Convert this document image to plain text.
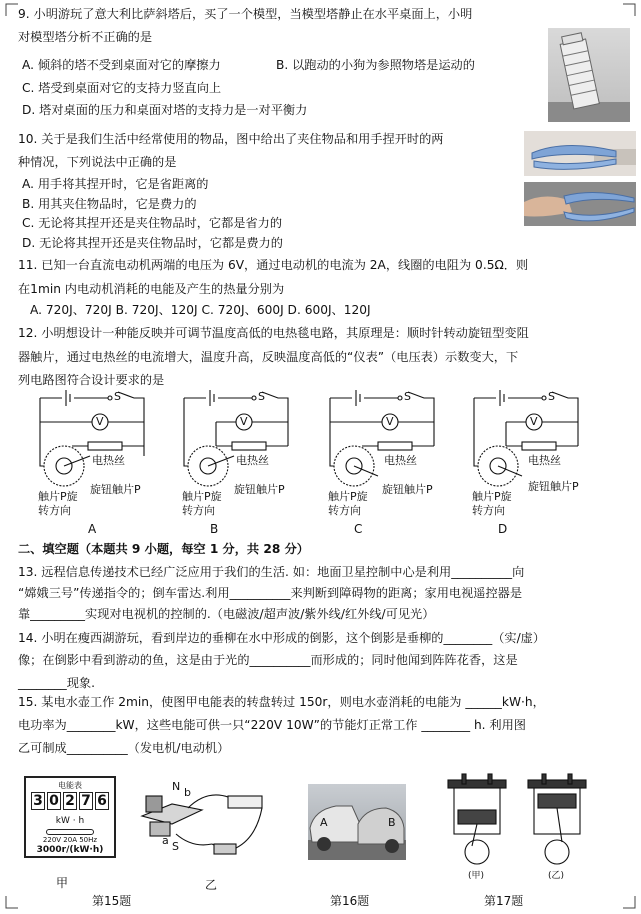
9. 小明游玩了意大利比萨斜塔后，买了一个模型，当模型塔静止在水平桌面上，小明
对模型塔分析不正确的是
A. 倾斜的塔不受到桌面对它的摩擦力	B. 以跑动的小狗为参照物塔是运动的
C. 塔受到桌面对它的支持力竖直向上
D. 塔对桌面的压力和桌面对塔的支持力是一对平衡力
10. 关于是我们生活中经常使用的物品，图中给出了夹住物品和用手捏开时的两
种情况，下列说法中正确的是
A. 用手将其捏开时，它是省距离的
B. 用其夹住物品时，它是费力的
C. 无论将其捏开还是夹住物品时，它都是省力的
D. 无论将其捏开还是夹住物品时，它都是费力的
11. 已知一台直流电动机两端的电压为 6V，通过电动机的电流为 2A，线圈的电阻为 0.5Ω．则
在1min 内电动机消耗的电能及产生的热量分别为
A. 720J、720J B. 720J、120J C. 720J、600J D. 600J、120J
12. 小明想设计一种能反映并可调节温度高低的电热毯电路，其原理是：顺时针转动旋钮型变阻
器触片，通过电热丝的电流增大，温度升高，反映温度高低的“仪表”（电压表）示数变大，下
列电路图符合设计要求的是
S
V
电热丝
旋钮触片P
触片P旋
转方向
A
S
V
电热丝
旋钮触片P
触片P旋
转方向
B
S
V
电热丝
旋钮触片P
触片P旋
转方向
C
S
V
电热丝
旋钮触片P
触片P旋
转方向
D
二、填空题（本题共 9 小题，每空 1 分，共 28 分）
13. 远程信息传递技术已经广泛应用于我们的生活. 如：地面卫星控制中心是利用__________向
“嫦娥三号”传递指令的；倒车雷达.利用__________来判断到障碍物的距离；家用电视遥控器是
靠_________实现对电视机的控制的.（电磁波/超声波/紫外线/红外线/可见光）
14. 小明在瘦西湖游玩，看到岸边的垂柳在水中形成的倒影，这个倒影是垂柳的________（实/虚）
像；在倒影中看到游动的鱼，这是由于光的__________而形成的；同时他闻到阵阵花香，这是
________现象.
15. 某电水壶工作 2min，使图甲电能表的转盘转过 150r，则电水壶消耗的电能为 ______kW·h，
电功率为________kW，这些电能可供一只“220V 10W”的节能灯正常工作 ________ h. 利用图
乙可制成__________（发电机/电动机）
电能表
3 0 2 7 6
kW · h
220V 20A 50Hz
3000r/(kW·h)
甲
N b
a S
乙
第15题
A	B
第16题
(甲)	(乙)
第17题
